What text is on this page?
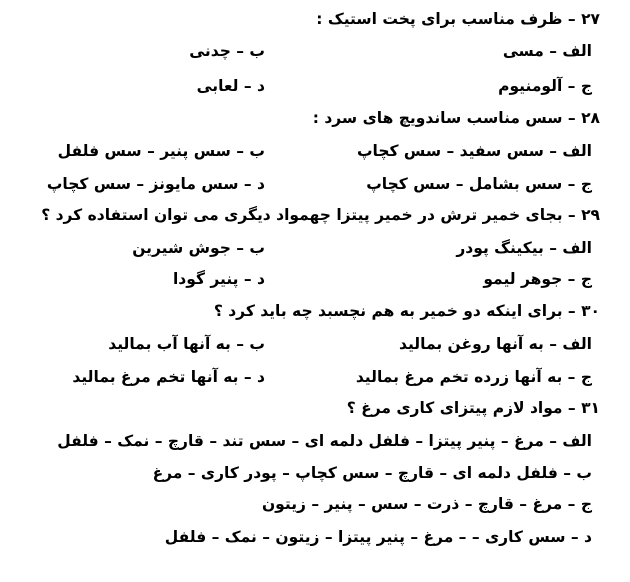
۲۷ – ظرف مناسب برای پخت استیک :
الف – مسی
ب – چدنی
ج – آلومنیوم
د – لعابی
۲۸ – سس مناسب ساندویچ های سرد :
الف – سس سفید – سس کچاپ
ب – سس پنیر – سس فلفل
ج – سس بشامل – سس کچاپ
د – سس مایونز – سس کچاپ
۲۹ – بجای خمیر ترش در خمیر پیتزا چهمواد دیگری می توان استفاده کرد ؟
الف – بیکینگ پودر
ب – جوش شیرین
ج – جوهر لیمو
د – پنیر گودا
۳۰ – برای اینکه دو خمیر به هم نچسبد چه باید کرد ؟
الف – به آنها روغن بمالید
ب – به آنها آب بمالید
ج – به آنها زرده تخم مرغ بمالید
د – به آنها تخم مرغ بمالید
۳۱ – مواد لازم پیتزای کاری مرغ ؟
الف – مرغ – پنیر پیتزا – فلفل دلمه ای – سس تند – قارچ – نمک – فلفل
ب – فلفل دلمه ای – قارچ – سس کچاپ – پودر کاری – مرغ
ج – مرغ – قارچ – ذرت – سس – پنیر – زیتون
د – سس کاری – – مرغ – پنیر پیتزا – زیتون – نمک – فلفل
